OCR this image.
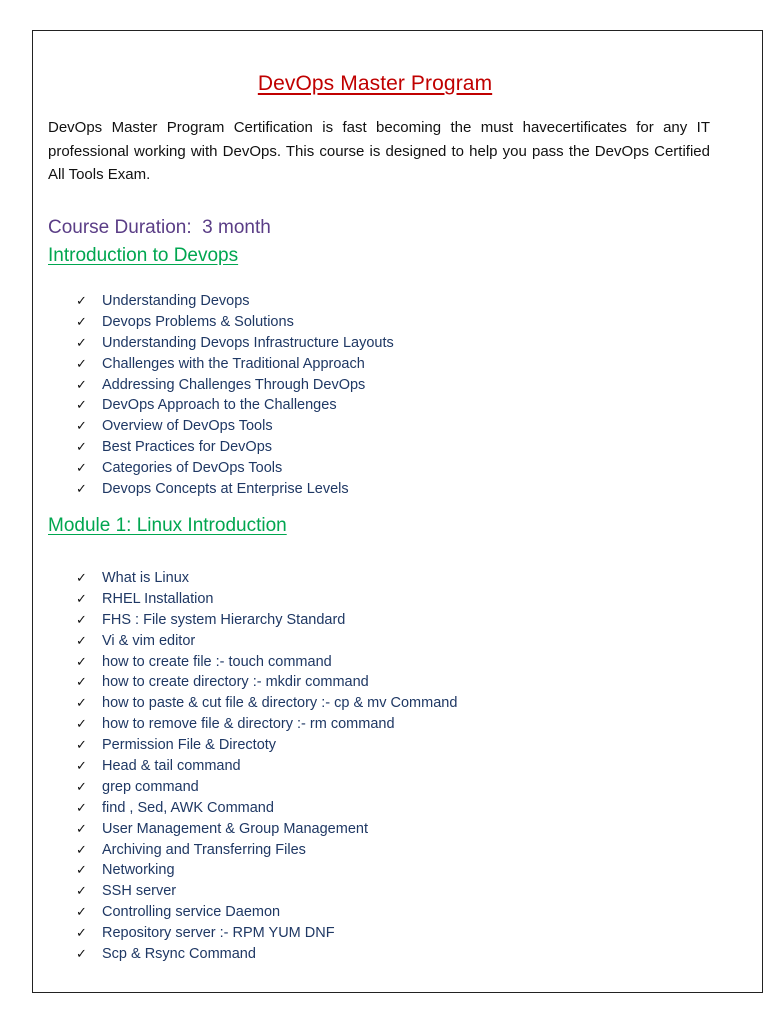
DevOps Master Program

DevOps Master Program Certification is fast becoming the must havecertificates for any IT professional working with DevOps. This course is designed to help you pass the DevOps Certified All Tools Exam.

Course Duration:  3 month
Introduction to Devops
✓ Understanding Devops
✓ Devops Problems & Solutions
✓ Understanding Devops Infrastructure Layouts
✓ Challenges with the Traditional Approach
✓ Addressing Challenges Through DevOps
✓ DevOps Approach to the Challenges
✓ Overview of DevOps Tools
✓ Best Practices for DevOps
✓ Categories of DevOps Tools
✓ Devops Concepts at Enterprise Levels
Module 1: Linux Introduction
✓ What is Linux
✓ RHEL Installation
✓ FHS : File system Hierarchy Standard
✓ Vi & vim editor
✓ how to create file :- touch command
✓ how to create directory :- mkdir command
✓ how to paste & cut file & directory :- cp & mv Command
✓ how to remove file & directory :- rm command
✓ Permission File & Directoty
✓ Head & tail command
✓ grep command
✓ find , Sed, AWK Command
✓ User Management & Group Management
✓ Archiving and Transferring Files
✓ Networking
✓ SSH server
✓ Controlling service Daemon
✓ Repository server :- RPM YUM DNF
✓ Scp & Rsync Command
